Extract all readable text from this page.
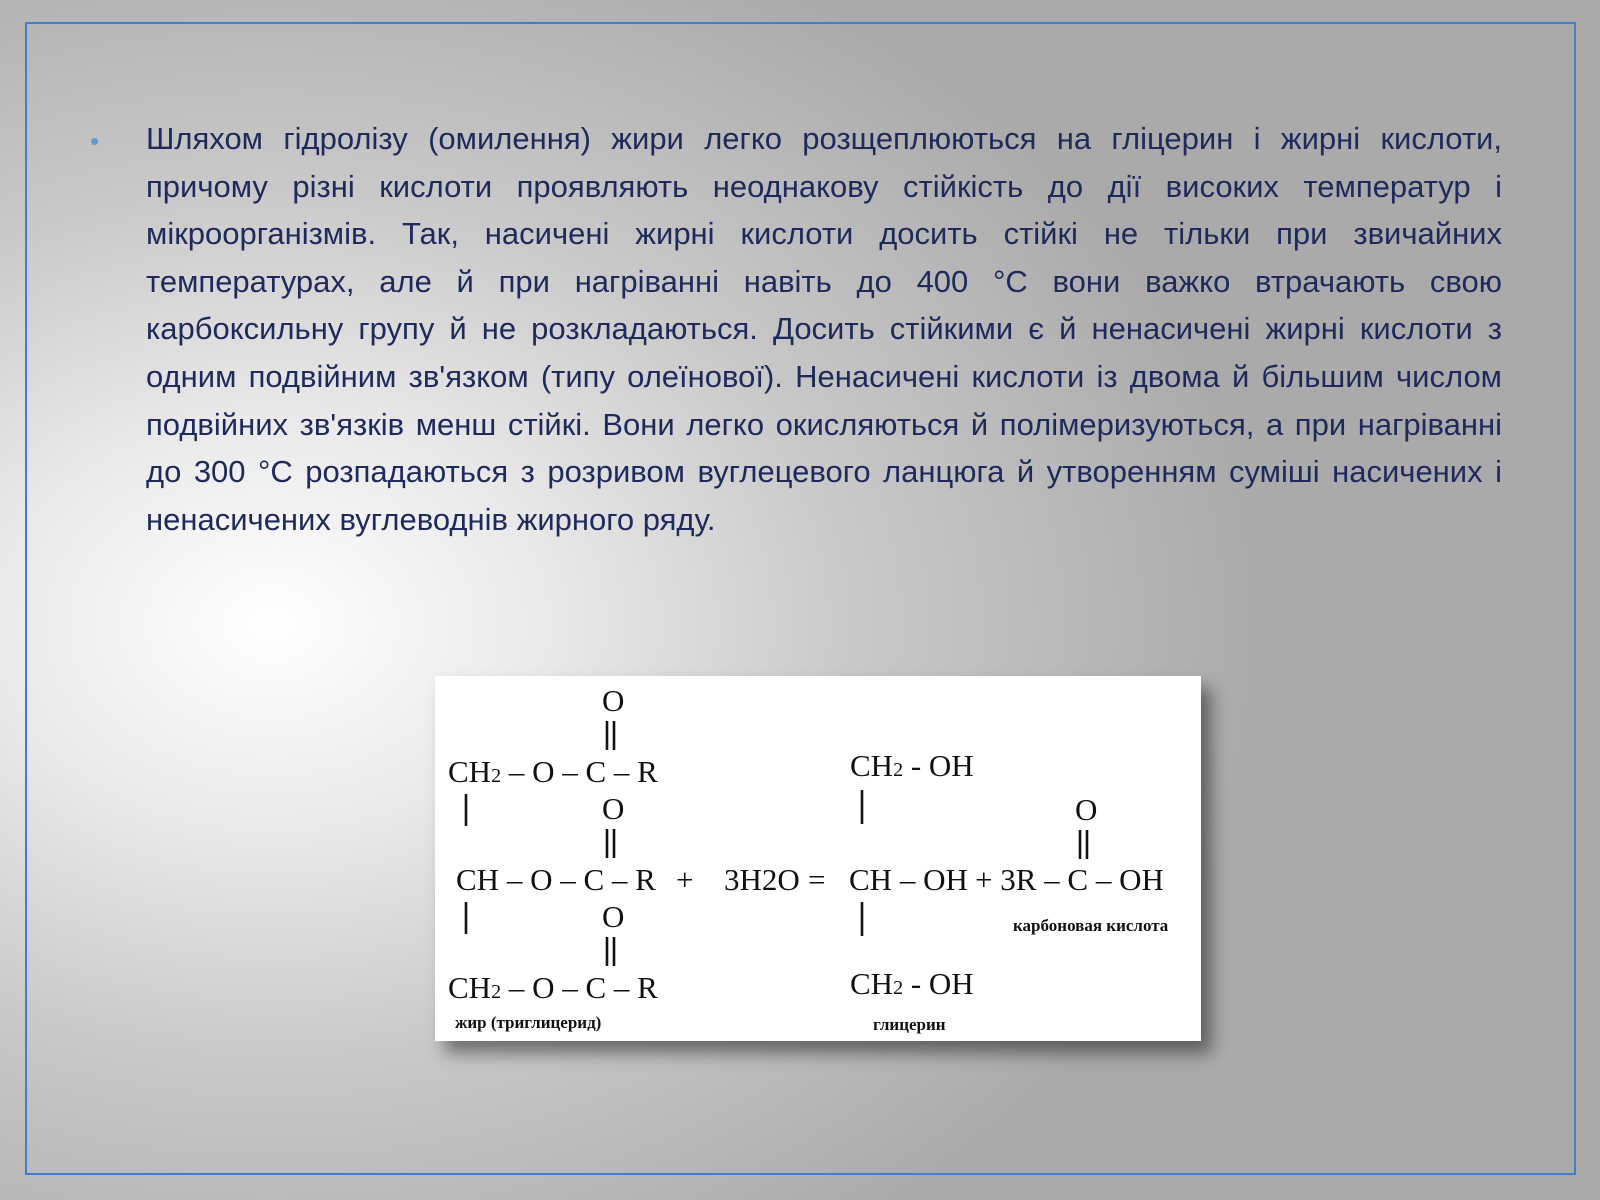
• Шляхом гідролізу (омилення) жири легко розщеплюються на гліцерин і жирні кислоти, причому різні кислоти проявляють неоднакову стійкість до дії високих температур і мікроорганізмів. Так, насичені жирні кислоти досить стійкі не тільки при звичайних температурах, але й при нагріванні навіть до 400 °С вони важко втрачають свою карбоксильну групу й не розкладаються. Досить стійкими є й ненасичені жирні кислоти з одним подвійним зв'язком (типу олеїнової). Ненасичені кислоти із двома й більшим числом подвійних зв'язків менш стійкі. Вони легко окисляються й полімеризуються, а при нагріванні до 300 °С розпадаються з розривом вуглецевого ланцюга й утворенням суміші насичених і ненасичених вуглеводнів жирного ряду.

O
CH2 – O – C – R
O
CH – O – C – R
O
CH2 – O – C – R
жир (триглицерид)
+ 3H2O =
CH2 - OH
CH – OH
CH2 - OH
глицерин
O
+ 3R – C – OH
карбоновая кислота
